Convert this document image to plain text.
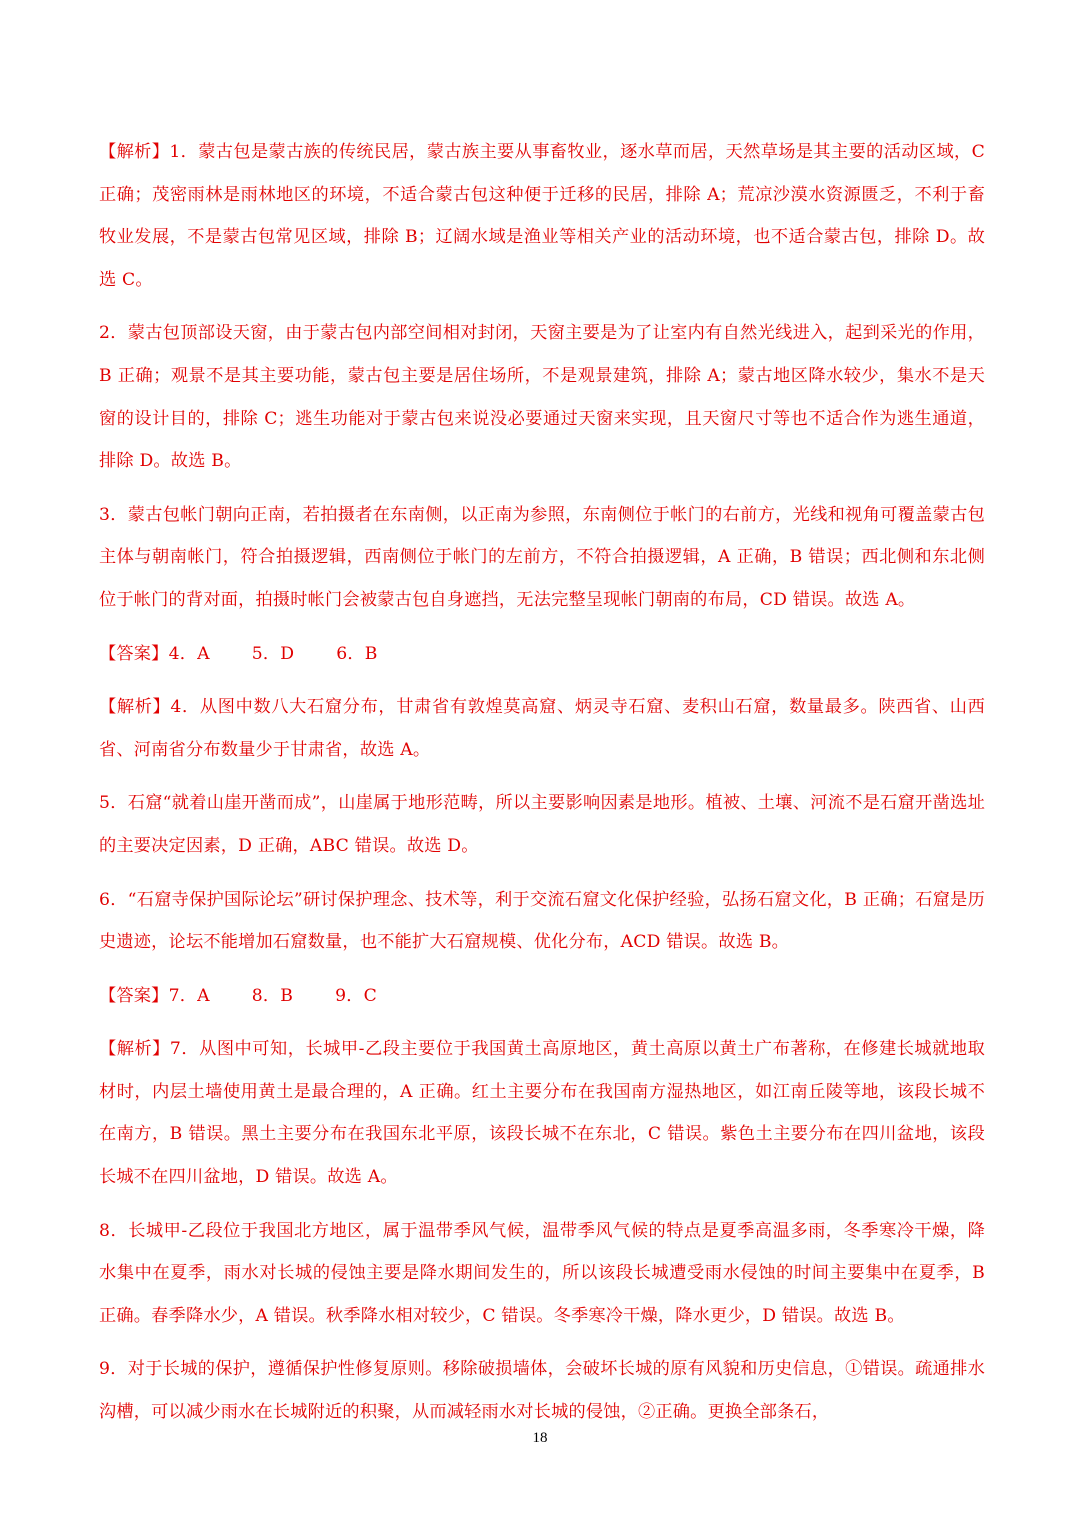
【解析】1．蒙古包是蒙古族的传统民居，蒙古族主要从事畜牧业，逐水草而居，天然草场是其主要的活动区域，C 正确；茂密雨林是雨林地区的环境，不适合蒙古包这种便于迁移的民居，排除 A；荒凉沙漠水资源匮乏，不利于畜牧业发展，不是蒙古包常见区域，排除 B；辽阔水域是渔业等相关产业的活动环境，也不适合蒙古包，排除 D。故选 C。

2．蒙古包顶部设天窗，由于蒙古包内部空间相对封闭，天窗主要是为了让室内有自然光线进入，起到采光的作用，B 正确；观景不是其主要功能，蒙古包主要是居住场所，不是观景建筑，排除 A；蒙古地区降水较少，集水不是天窗的设计目的，排除 C；逃生功能对于蒙古包来说没必要通过天窗来实现，且天窗尺寸等也不适合作为逃生通道，排除 D。故选 B。

3．蒙古包帐门朝向正南，若拍摄者在东南侧，以正南为参照，东南侧位于帐门的右前方，光线和视角可覆盖蒙古包主体与朝南帐门，符合拍摄逻辑，西南侧位于帐门的左前方，不符合拍摄逻辑，A 正确，B 错误；西北侧和东北侧位于帐门的背对面，拍摄时帐门会被蒙古包自身遮挡，无法完整呈现帐门朝南的布局，CD 错误。故选 A。

【答案】4．A 5．D 6．B

【解析】4．从图中数八大石窟分布，甘肃省有敦煌莫高窟、炳灵寺石窟、麦积山石窟，数量最多。陕西省、山西省、河南省分布数量少于甘肃省，故选 A。

5．石窟“就着山崖开凿而成”，山崖属于地形范畴，所以主要影响因素是地形。植被、土壤、河流不是石窟开凿选址的主要决定因素，D 正确，ABC 错误。故选 D。

6．“石窟寺保护国际论坛”研讨保护理念、技术等，利于交流石窟文化保护经验，弘扬石窟文化，B 正确；石窟是历史遗迹，论坛不能增加石窟数量，也不能扩大石窟规模、优化分布，ACD 错误。故选 B。

【答案】7．A 8．B 9．C

【解析】7．从图中可知，长城甲-乙段主要位于我国黄土高原地区，黄土高原以黄土广布著称，在修建长城就地取材时，内层土墙使用黄土是最合理的，A 正确。红土主要分布在我国南方湿热地区，如江南丘陵等地，该段长城不在南方，B 错误。黑土主要分布在我国东北平原，该段长城不在东北，C 错误。紫色土主要分布在四川盆地，该段长城不在四川盆地，D 错误。故选 A。

8．长城甲-乙段位于我国北方地区，属于温带季风气候，温带季风气候的特点是夏季高温多雨，冬季寒冷干燥，降水集中在夏季，雨水对长城的侵蚀主要是降水期间发生的，所以该段长城遭受雨水侵蚀的时间主要集中在夏季，B 正确。春季降水少，A 错误。秋季降水相对较少，C 错误。冬季寒冷干燥，降水更少，D 错误。故选 B。

9．对于长城的保护，遵循保护性修复原则。移除破损墙体，会破坏长城的原有风貌和历史信息，①错误。疏通排水沟槽，可以减少雨水在长城附近的积聚，从而减轻雨水对长城的侵蚀，②正确。更换全部条石，

18
